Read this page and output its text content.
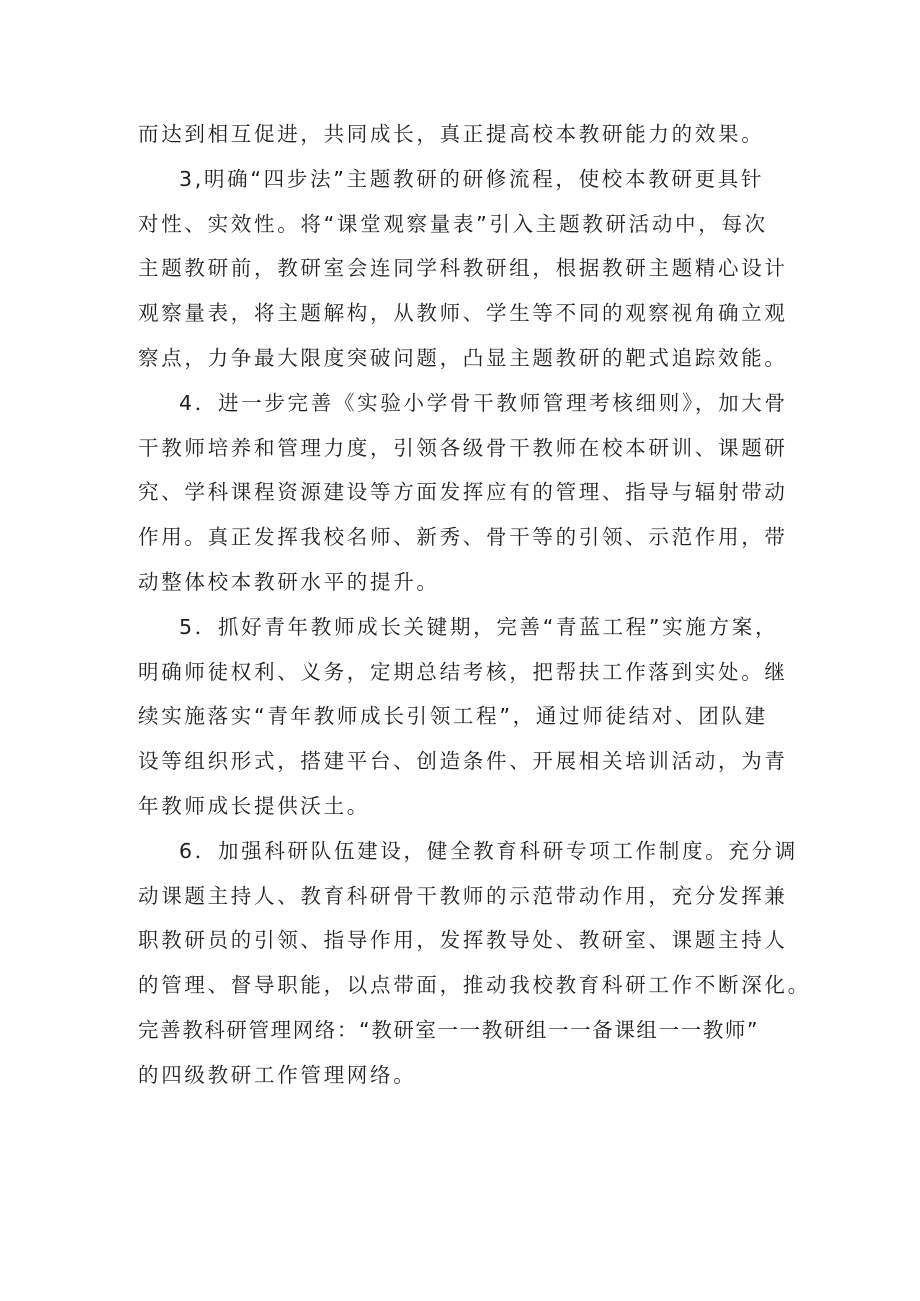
而达到相互促进，共同成长，真正提高校本教研能力的效果。
3,明确“四步法”主题教研的研修流程，使校本教研更具针
对性、实效性。将“课堂观察量表”引入主题教研活动中，每次
主题教研前，教研室会连同学科教研组，根据教研主题精心设计
观察量表，将主题解构，从教师、学生等不同的观察视角确立观
察点，力争最大限度突破问题，凸显主题教研的靶式追踪效能。
4．进一步完善《实验小学骨干教师管理考核细则》，加大骨
干教师培养和管理力度，引领各级骨干教师在校本研训、课题研
究、学科课程资源建设等方面发挥应有的管理、指导与辐射带动
作用。真正发挥我校名师、新秀、骨干等的引领、示范作用，带
动整体校本教研水平的提升。
5．抓好青年教师成长关键期，完善“青蓝工程”实施方案，
明确师徒权利、义务，定期总结考核，把帮扶工作落到实处。继
续实施落实“青年教师成长引领工程”，通过师徒结对、团队建
设等组织形式，搭建平台、创造条件、开展相关培训活动，为青
年教师成长提供沃土。
6．加强科研队伍建设，健全教育科研专项工作制度。充分调
动课题主持人、教育科研骨干教师的示范带动作用，充分发挥兼
职教研员的引领、指导作用，发挥教导处、教研室、课题主持人
的管理、督导职能，以点带面，推动我校教育科研工作不断深化。
完善教科研管理网络：“教研室一一教研组一一备课组一一教师”
的四级教研工作管理网络。
